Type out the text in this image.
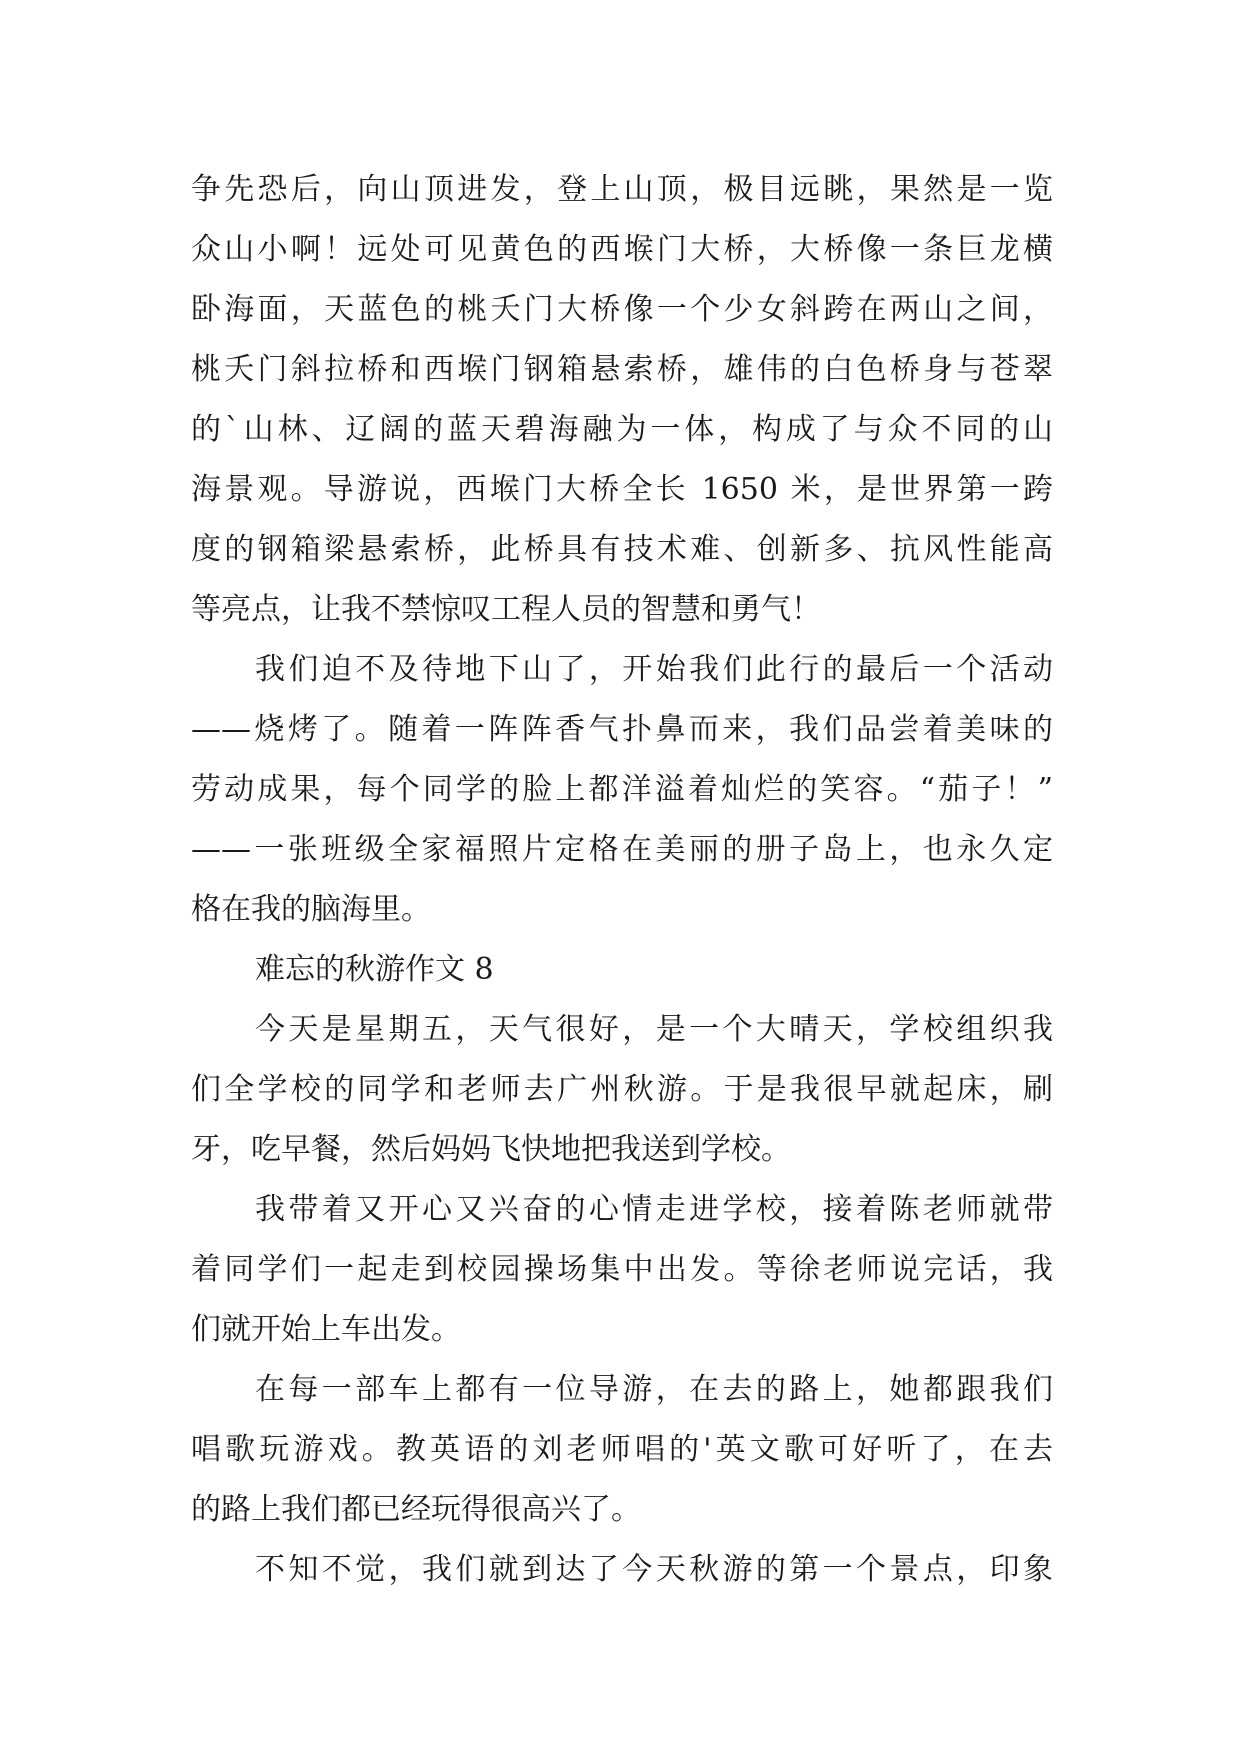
争先恐后，向山顶进发，登上山顶，极目远眺，果然是一览
众山小啊！远处可见黄色的西堠门大桥，大桥像一条巨龙横
卧海面，天蓝色的桃夭门大桥像一个少女斜跨在两山之间，
桃夭门斜拉桥和西堠门钢箱悬索桥，雄伟的白色桥身与苍翠
的`山林、辽阔的蓝天碧海融为一体，构成了与众不同的山
海景观。导游说，西堠门大桥全长 1650 米，是世界第一跨
度的钢箱梁悬索桥，此桥具有技术难、创新多、抗风性能高
等亮点，让我不禁惊叹工程人员的智慧和勇气！
我们迫不及待地下山了，开始我们此行的最后一个活动
——烧烤了。随着一阵阵香气扑鼻而来，我们品尝着美味的
劳动成果，每个同学的脸上都洋溢着灿烂的笑容。“茄子！”
——一张班级全家福照片定格在美丽的册子岛上，也永久定
格在我的脑海里。
难忘的秋游作文 8
今天是星期五，天气很好，是一个大晴天，学校组织我
们全学校的同学和老师去广州秋游。于是我很早就起床，刷
牙，吃早餐，然后妈妈飞快地把我送到学校。
我带着又开心又兴奋的心情走进学校，接着陈老师就带
着同学们一起走到校园操场集中出发。等徐老师说完话，我
们就开始上车出发。
在每一部车上都有一位导游，在去的路上，她都跟我们
唱歌玩游戏。教英语的刘老师唱的'英文歌可好听了，在去
的路上我们都已经玩得很高兴了。
不知不觉，我们就到达了今天秋游的第一个景点，印象
